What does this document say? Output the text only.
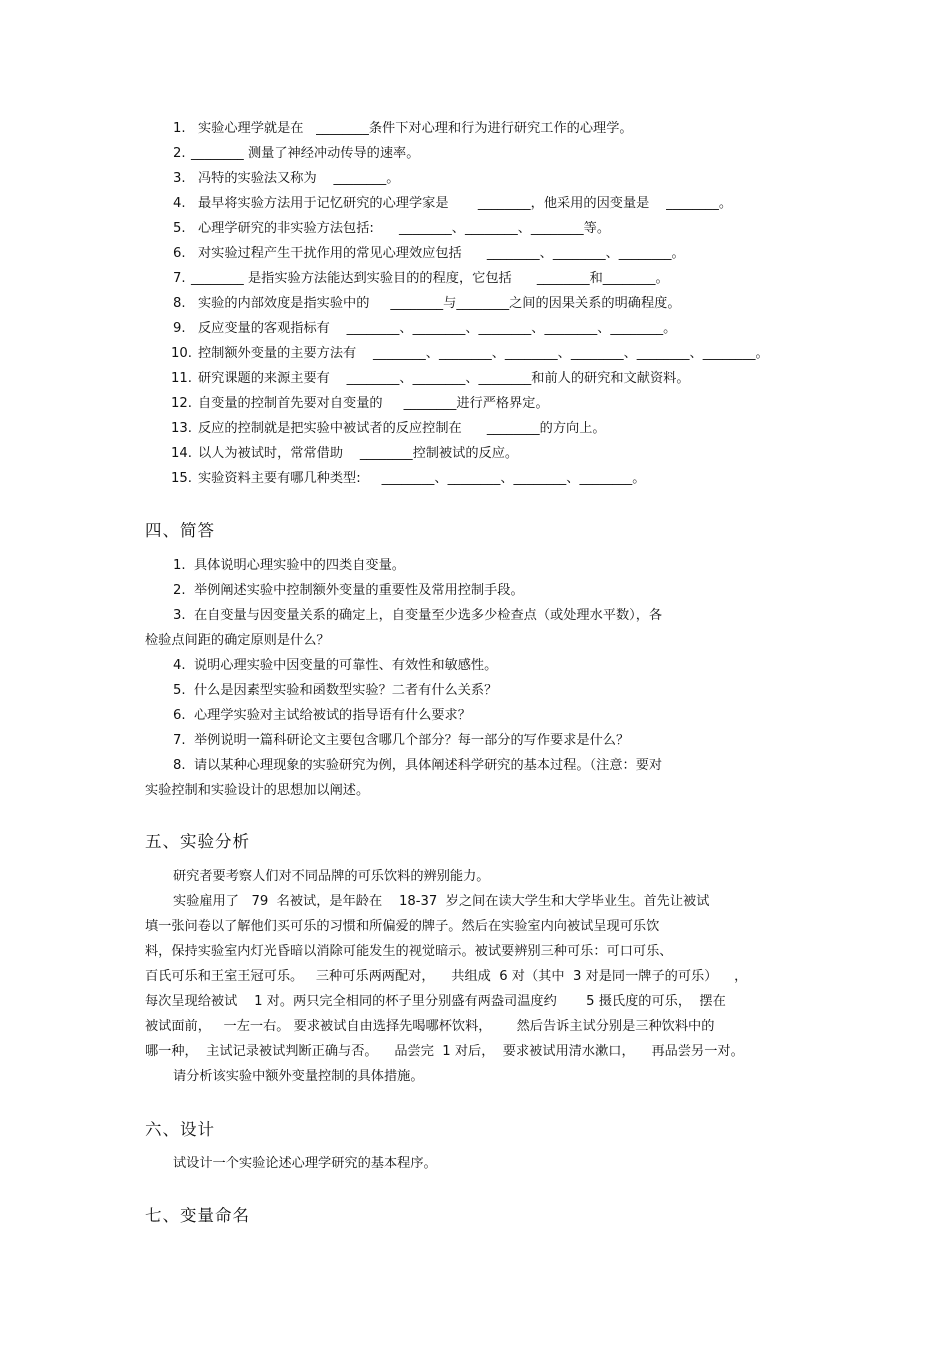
1. 实验心理学就是在   ________条件下对心理和行为进行研究工作的心理学。
2. ________ 测量了神经冲动传导的速率。
3. 冯特的实验法又称为    ________。
4. 最早将实验方法用于记忆研究的心理学家是       ________，他采用的因变量是    ________。
5. 心理学研究的非实验方法包括:      ________、________、________等。
6. 对实验过程产生干扰作用的常见心理效应包括      ________、________、________。
7. ________ 是指实验方法能达到实验目的的程度，它包括      ________和________。
8. 实验的内部效度是指实验中的     ________与________之间的因果关系的明确程度。
9. 反应变量的客观指标有    ________、________、________、________、________。
10. 控制额外变量的主要方法有    ________、________、________、________、________、________。
11. 研究课题的来源主要有    ________、________、________和前人的研究和文献资料。
12. 自变量的控制首先要对自变量的     ________进行严格界定。
13. 反应的控制就是把实验中被试者的反应控制在      ________的方向上。
14. 以人为被试时，常常借助    ________控制被试的反应。
15. 实验资料主要有哪几种类型:     ________、________、________、________。
四、简答
1.  具体说明心理实验中的四类自变量。
2.  举例阐述实验中控制额外变量的重要性及常用控制手段。
3.  在自变量与因变量关系的确定上，自变量至少选多少检查点（或处理水平数），各
检验点间距的确定原则是什么？
4.  说明心理实验中因变量的可靠性、有效性和敏感性。
5.  什么是因素型实验和函数型实验？二者有什么关系？
6.  心理学实验对主试给被试的指导语有什么要求？
7.  举例说明一篇科研论文主要包含哪几个部分？每一部分的写作要求是什么？
8.  请以某种心理现象的实验研究为例，具体阐述科学研究的基本过程。（注意：要对
实验控制和实验设计的思想加以阐述。
五、实验分析
研究者要考察人们对不同品牌的可乐饮料的辨别能力。
实验雇用了   79  名被试，是年龄在    18-37  岁之间在读大学生和大学毕业生。首先让被试
填一张问卷以了解他们买可乐的习惯和所偏爱的牌子。然后在实验室内向被试呈现可乐饮
料，保持实验室内灯光昏暗以消除可能发生的视觉暗示。被试要辨别三种可乐：可口可乐、
百氏可乐和王室王冠可乐。   三种可乐两两配对，    共组成  6 对（其中  3 对是同一牌子的可乐）    ，
每次呈现给被试    1 对。两只完全相同的杯子里分别盛有两盎司温度约       5 摄氏度的可乐，  摆在
被试面前，   一左一右。 要求被试自由选择先喝哪杯饮料，      然后告诉主试分别是三种饮料中的
哪一种，  主试记录被试判断正确与否。    品尝完  1 对后，  要求被试用清水漱口，    再品尝另一对。
请分析该实验中额外变量控制的具体措施。
六、设计
试设计一个实验论述心理学研究的基本程序。
七、变量命名
